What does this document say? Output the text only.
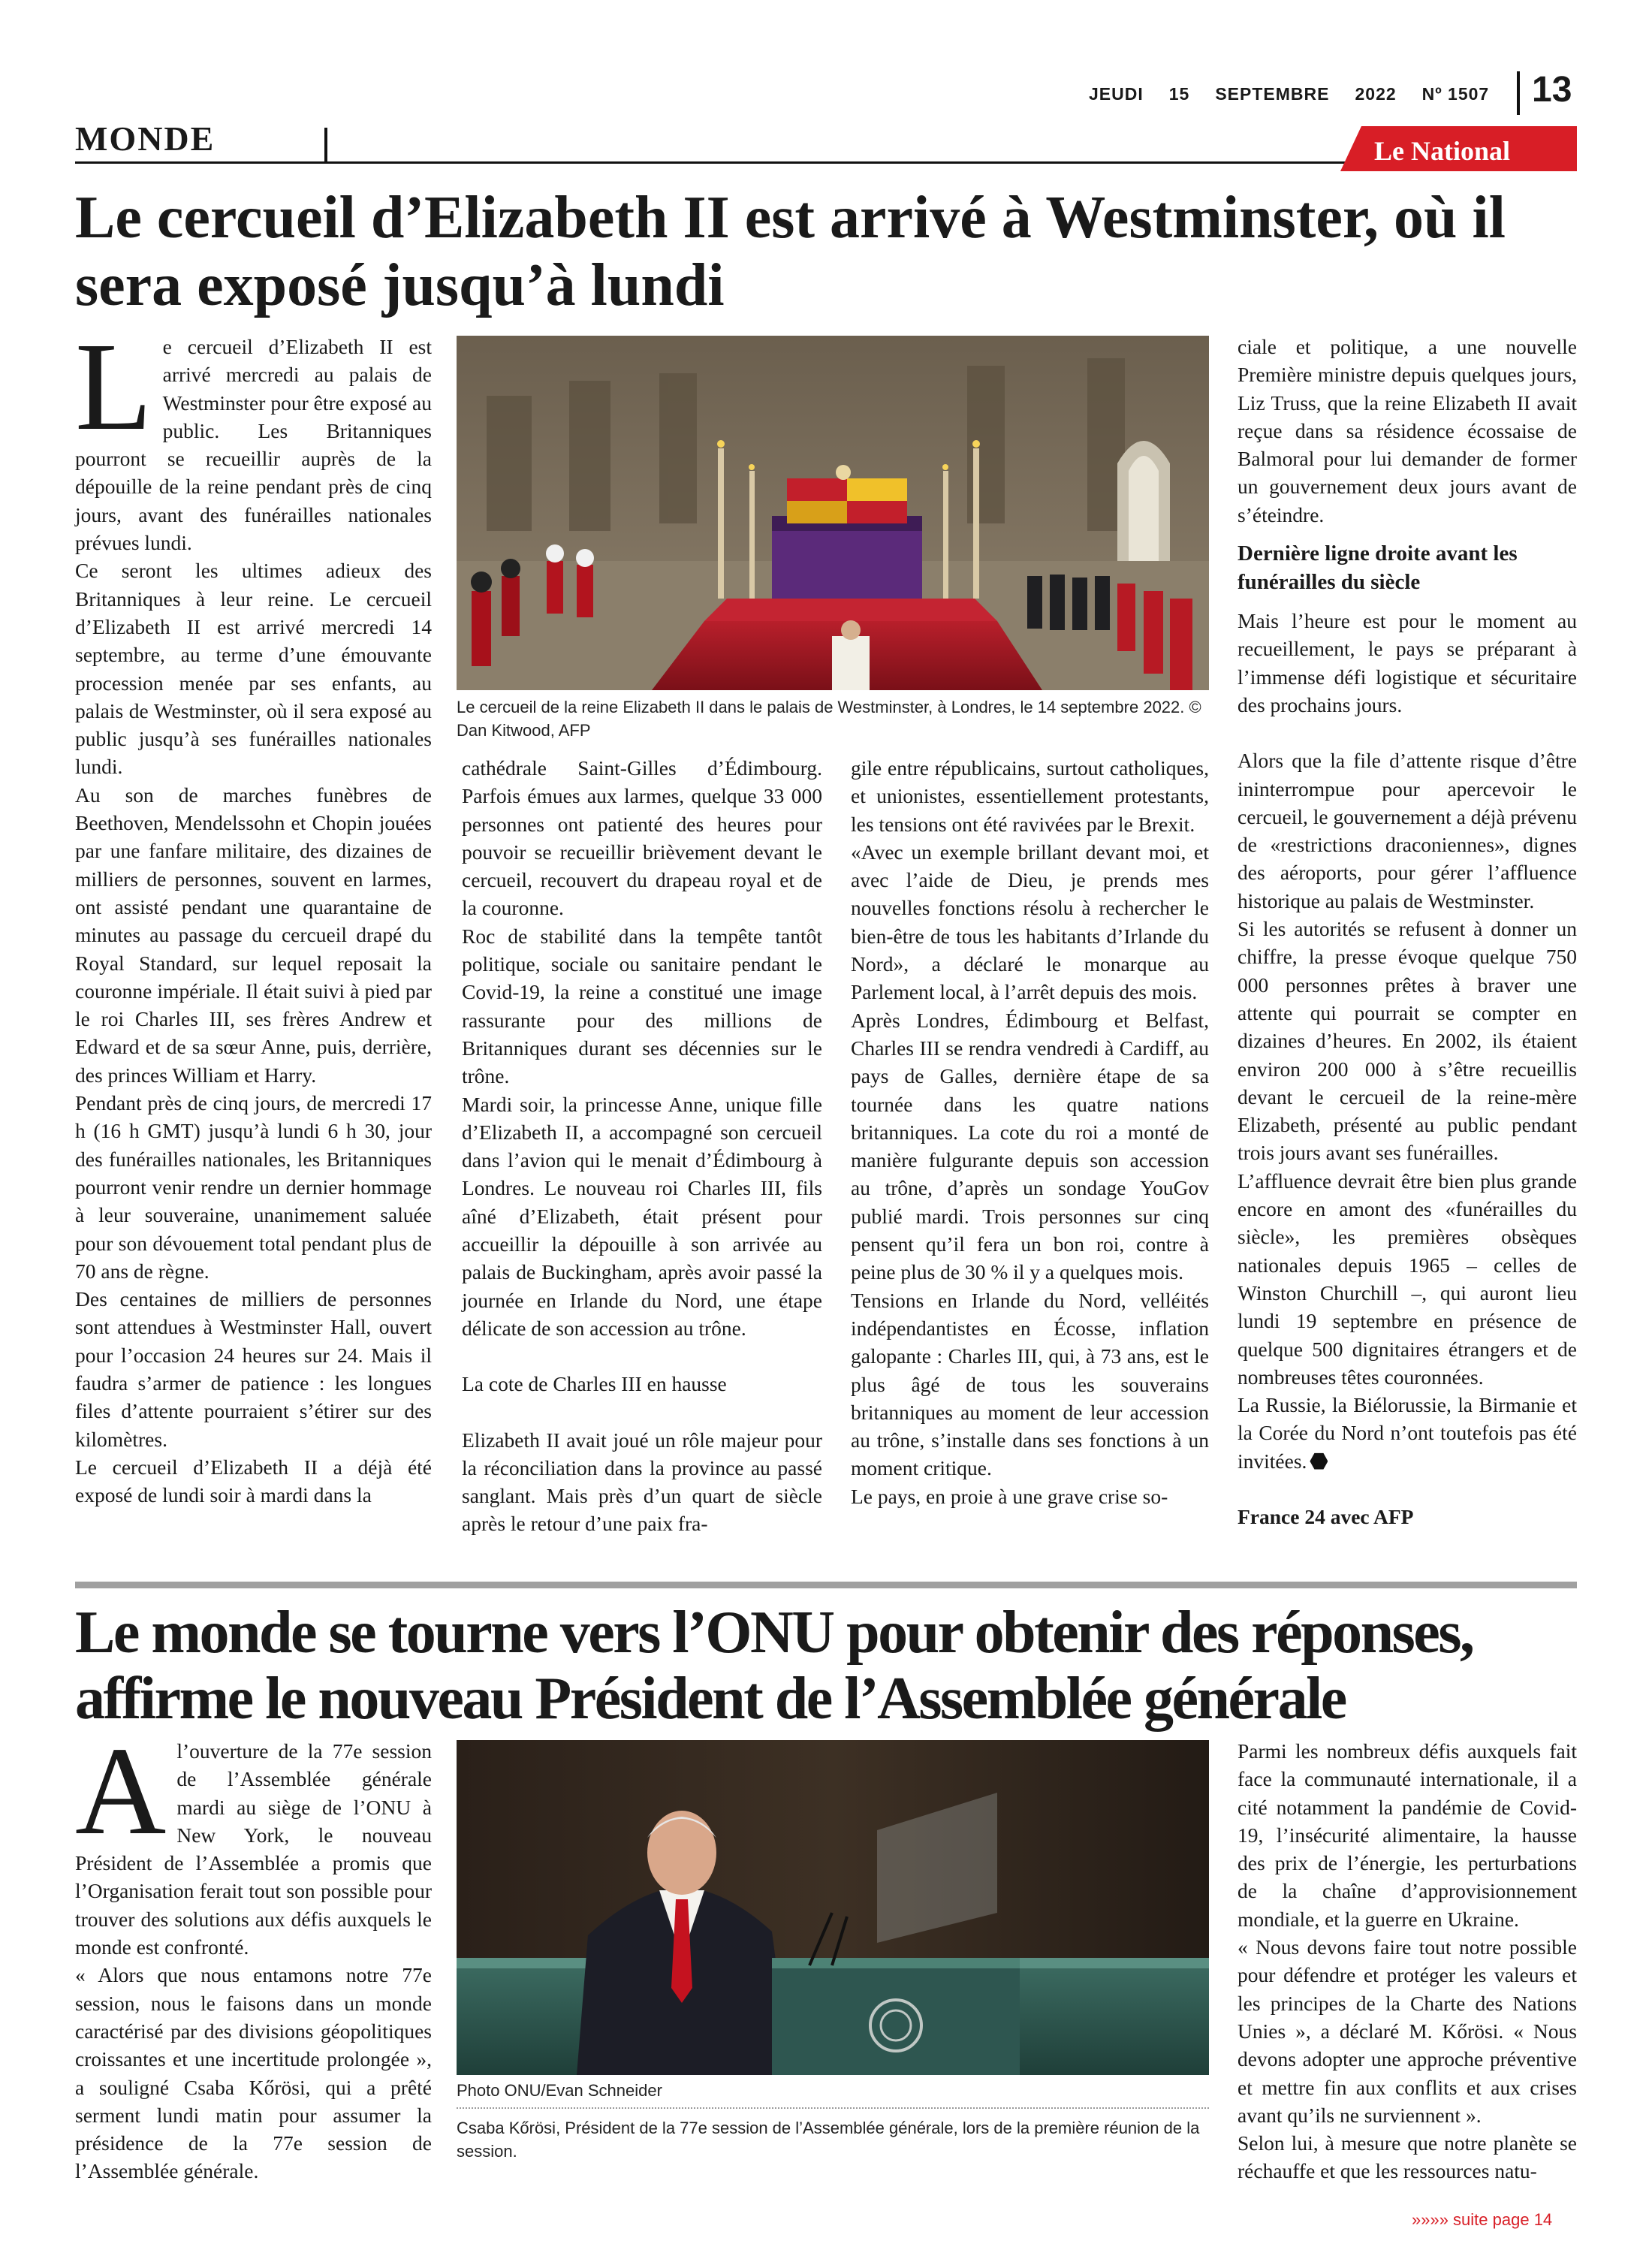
JEUDI 15 SEPTEMBRE 2022 Nº 1507 13
MONDE	Le National
Le cercueil d’Elizabeth II est arrivé à Westminster, où il sera exposé jusqu’à lundi
L e cercueil d’Elizabeth II est arrivé mercredi au palais de Westminster pour être exposé au public. Les Britanniques pourront se recueillir auprès de la dépouille de la reine pendant près de cinq jours, avant des funérailles nationales prévues lundi.

Ce seront les ultimes adieux des Britanniques à leur reine. Le cercueil d’Elizabeth II est arrivé mercredi 14 septembre, au terme d’une émouvante procession menée par ses enfants, au palais de Westminster, où il sera exposé au public jusqu’à ses funérailles nationales lundi.

Au son de marches funèbres de Beethoven, Mendelssohn et Chopin jouées par une fanfare militaire, des dizaines de milliers de personnes, souvent en larmes, ont assisté pendant une quarantaine de minutes au passage du cercueil drapé du Royal Standard, sur lequel reposait la couronne impériale. Il était suivi à pied par le roi Charles III, ses frères Andrew et Edward et de sa sœur Anne, puis, derrière, des princes William et Harry.

Pendant près de cinq jours, de mercredi 17 h (16 h GMT) jusqu’à lundi 6 h 30, jour des funérailles nationales, les Britanniques pourront venir rendre un dernier hommage à leur souveraine, unanimement saluée pour son dévouement total pendant plus de 70 ans de règne.

Des centaines de milliers de personnes sont attendues à Westminster Hall, ouvert pour l’occasion 24 heures sur 24. Mais il faudra s’armer de patience : les longues files d’attente pourraient s’étirer sur des kilomètres.

Le cercueil d’Elizabeth II a déjà été exposé de lundi soir à mardi dans la

Le cercueil de la reine Elizabeth II dans le palais de Westminster, à Londres, le 14 septembre 2022. © Dan Kitwood, AFP

cathédrale Saint-Gilles d’Édimbourg. Parfois émues aux larmes, quelque 33 000 personnes ont patienté des heures pour pouvoir se recueillir brièvement devant le cercueil, recouvert du drapeau royal et de la couronne.

Roc de stabilité dans la tempête tantôt politique, sociale ou sanitaire pendant le Covid-19, la reine a constitué une image rassurante pour des millions de Britanniques durant ses décennies sur le trône.

Mardi soir, la princesse Anne, unique fille d’Elizabeth II, a accompagné son cercueil dans l’avion qui le menait d’Édimbourg à Londres. Le nouveau roi Charles III, fils aîné d’Elizabeth, était présent pour accueillir la dépouille à son arrivée au palais de Buckingham, après avoir passé la journée en Irlande du Nord, une étape délicate de son accession au trône.

La cote de Charles III en hausse

Elizabeth II avait joué un rôle majeur pour la réconciliation dans la province au passé sanglant. Mais près d’un quart de siècle après le retour d’une paix fra-

gile entre républicains, surtout catholiques, et unionistes, essentiellement protestants, les tensions ont été ravivées par le Brexit.

«Avec un exemple brillant devant moi, et avec l’aide de Dieu, je prends mes nouvelles fonctions résolu à rechercher le bien-être de tous les habitants d’Irlande du Nord», a déclaré le monarque au Parlement local, à l’arrêt depuis des mois.

Après Londres, Édimbourg et Belfast, Charles III se rendra vendredi à Cardiff, au pays de Galles, dernière étape de sa tournée dans les quatre nations britanniques. La cote du roi a monté de manière fulgurante depuis son accession au trône, d’après un sondage YouGov publié mardi. Trois personnes sur cinq pensent qu’il fera un bon roi, contre à peine plus de 30 % il y a quelques mois.

Tensions en Irlande du Nord, velléités indépendantistes en Écosse, inflation galopante : Charles III, qui, à 73 ans, est le plus âgé de tous les souverains britanniques au moment de leur accession au trône, s’installe dans ses fonctions à un moment critique.

Le pays, en proie à une grave crise so-

ciale et politique, a une nouvelle Première ministre depuis quelques jours, Liz Truss, que la reine Elizabeth II avait reçue dans sa résidence écossaise de Balmoral pour lui demander de former un gouvernement deux jours avant de s’éteindre.

Dernière ligne droite avant les funérailles du siècle

Mais l’heure est pour le moment au recueillement, le pays se préparant à l’immense défi logistique et sécuritaire des prochains jours.

Alors que la file d’attente risque d’être ininterrompue pour apercevoir le cercueil, le gouvernement a déjà prévenu de «restrictions draconiennes», dignes des aéroports, pour gérer l’affluence historique au palais de Westminster.

Si les autorités se refusent à donner un chiffre, la presse évoque quelque 750 000 personnes prêtes à braver une attente qui pourrait se compter en dizaines d’heures. En 2002, ils étaient environ 200 000 à s’être recueillis devant le cercueil de la reine-mère Elizabeth, présenté au public pendant trois jours avant ses funérailles.

L’affluence devrait être bien plus grande encore en amont des «funérailles du siècle», les premières obsèques nationales depuis 1965 – celles de Winston Churchill –, qui auront lieu lundi 19 septembre en présence de quelque 500 dignitaires étrangers et de nombreuses têtes couronnées.

La Russie, la Biélorussie, la Birmanie et la Corée du Nord n’ont toutefois pas été invitées.

France 24 avec AFP

Le monde se tourne vers l’ONU pour obtenir des réponses, affirme le nouveau Président de l’Assemblée générale
A l’ouverture de la 77e session de l’Assemblée générale mardi au siège de l’ONU à New York, le nouveau Président de l’Assemblée a promis que l’Organisation ferait tout son possible pour trouver des solutions aux défis auxquels le monde est confronté.

« Alors que nous entamons notre 77e session, nous le faisons dans un monde caractérisé par des divisions géopolitiques croissantes et une incertitude prolongée », a souligné Csaba Kőrösi, qui a prêté serment lundi matin pour assumer la présidence de la 77e session de l’Assemblée générale.

Photo ONU/Evan Schneider
Csaba Kőrösi, Président de la 77e session de l’Assemblée générale, lors de la première réunion de la session.

Parmi les nombreux défis auxquels fait face la communauté internationale, il a cité notamment la pandémie de Covid-19, l’insécurité alimentaire, la hausse des prix de l’énergie, les perturbations de la chaîne d’approvisionnement mondiale, et la guerre en Ukraine.

« Nous devons faire tout notre possible pour défendre et protéger les valeurs et les principes de la Charte des Nations Unies », a déclaré M. Kőrösi. « Nous devons adopter une approche préventive et mettre fin aux conflits et aux crises avant qu’ils ne surviennent ».

Selon lui, à mesure que notre planète se réchauffe et que les ressources natu-

»»»» suite page 14
